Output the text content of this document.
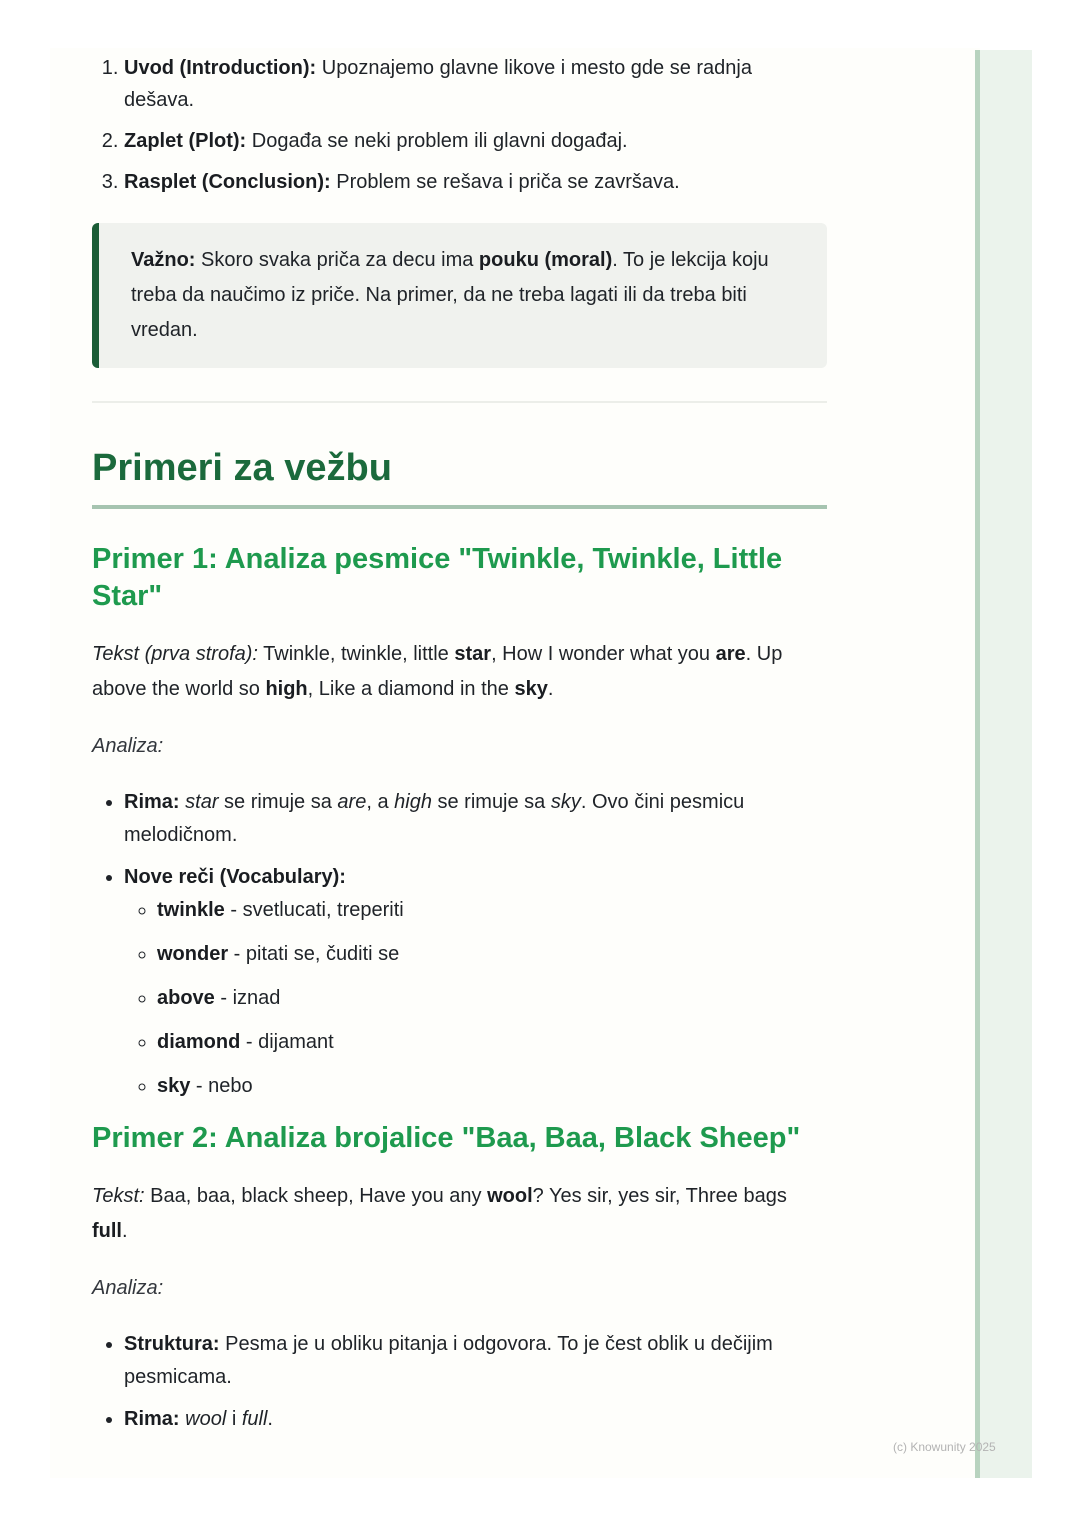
1. Uvod (Introduction): Upoznajemo glavne likove i mesto gde se radnja dešava.
2. Zaplet (Plot): Događa se neki problem ili glavni događaj.
3. Rasplet (Conclusion): Problem se rešava i priča se završava.
Važno: Skoro svaka priča za decu ima pouku (moral). To je lekcija koju treba da naučimo iz priče. Na primer, da ne treba lagati ili da treba biti vredan.
Primeri za vežbu
Primer 1: Analiza pesmice "Twinkle, Twinkle, Little Star"

Tekst (prva strofa): Twinkle, twinkle, little star, How I wonder what you are. Up above the world so high, Like a diamond in the sky.

Analiza:

• Rima: star se rimuje sa are, a high se rimuje sa sky. Ovo čini pesmicu melodičnom.
• Nove reči (Vocabulary):
◦ twinkle - svetlucati, treperiti
◦ wonder - pitati se, čuditi se
◦ above - iznad
◦ diamond - dijamant
◦ sky - nebo
Primer 2: Analiza brojalice "Baa, Baa, Black Sheep"

Tekst: Baa, baa, black sheep, Have you any wool? Yes sir, yes sir, Three bags full.

Analiza:

• Struktura: Pesma je u obliku pitanja i odgovora. To je čest oblik u dečijim pesmicama.
• Rima: wool i full.
(c) Knowunity 2025
